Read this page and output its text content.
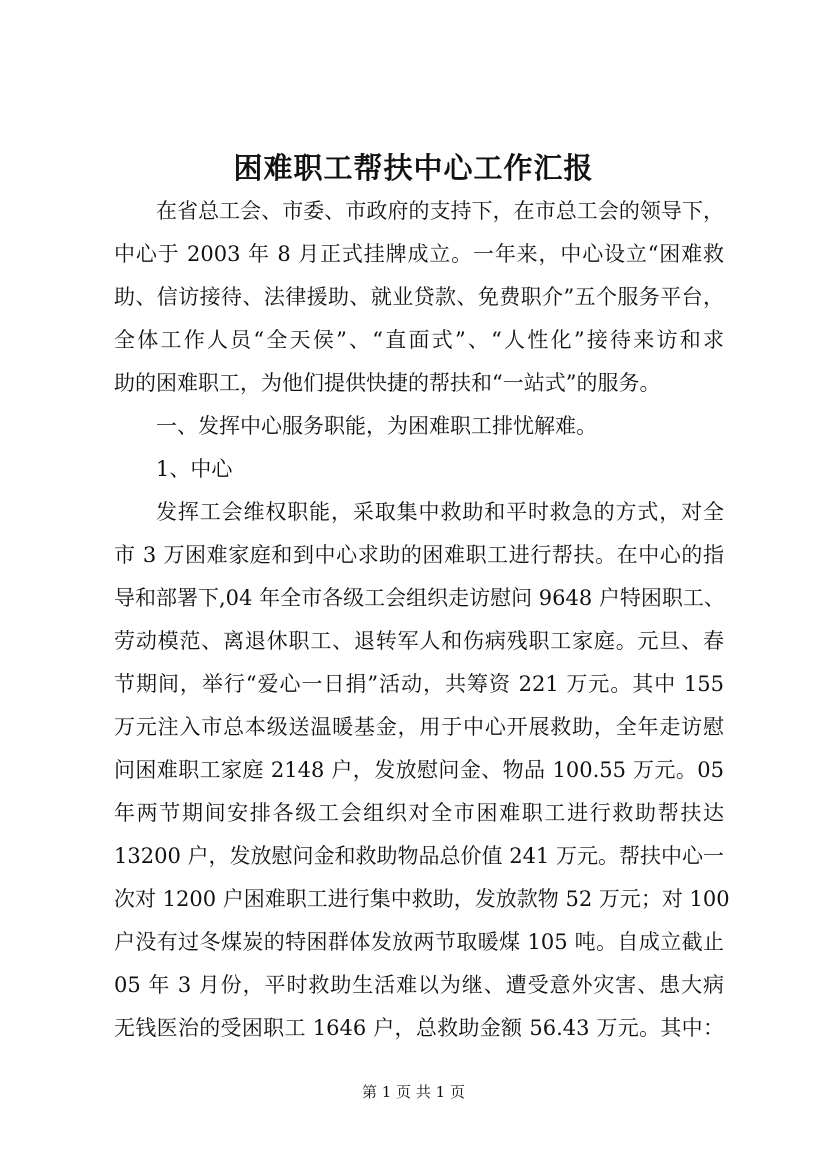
困难职工帮扶中心工作汇报

在省总工会、市委、市政府的支持下，在市总工会的领导下，

中心于 2003 年 8 月正式挂牌成立。一年来，中心设立“困难救

助、信访接待、法律援助、就业贷款、免费职介”五个服务平台，

全体工作人员“全天侯”、“直面式”、“人性化”接待来访和求

助的困难职工，为他们提供快捷的帮扶和“一站式”的服务。

一、发挥中心服务职能，为困难职工排忧解难。

1、中心

发挥工会维权职能，采取集中救助和平时救急的方式，对全

市 3 万困难家庭和到中心求助的困难职工进行帮扶。在中心的指

导和部署下,04 年全市各级工会组织走访慰问 9648 户特困职工、

劳动模范、离退休职工、退转军人和伤病残职工家庭。元旦、春

节期间，举行“爱心一日捐”活动，共筹资 221 万元。其中 155

万元注入市总本级送温暖基金，用于中心开展救助，全年走访慰

问困难职工家庭 2148 户，发放慰问金、物品 100.55 万元。05

年两节期间安排各级工会组织对全市困难职工进行救助帮扶达

13200 户，发放慰问金和救助物品总价值 241 万元。帮扶中心一

次对 1200 户困难职工进行集中救助，发放款物 52 万元；对 100

户没有过冬煤炭的特困群体发放两节取暖煤 105 吨。自成立截止

05 年 3 月份，平时救助生活难以为继、遭受意外灾害、患大病

无钱医治的受困职工 1646 户，总救助金额 56.43 万元。其中：

第 1 页 共 1 页
